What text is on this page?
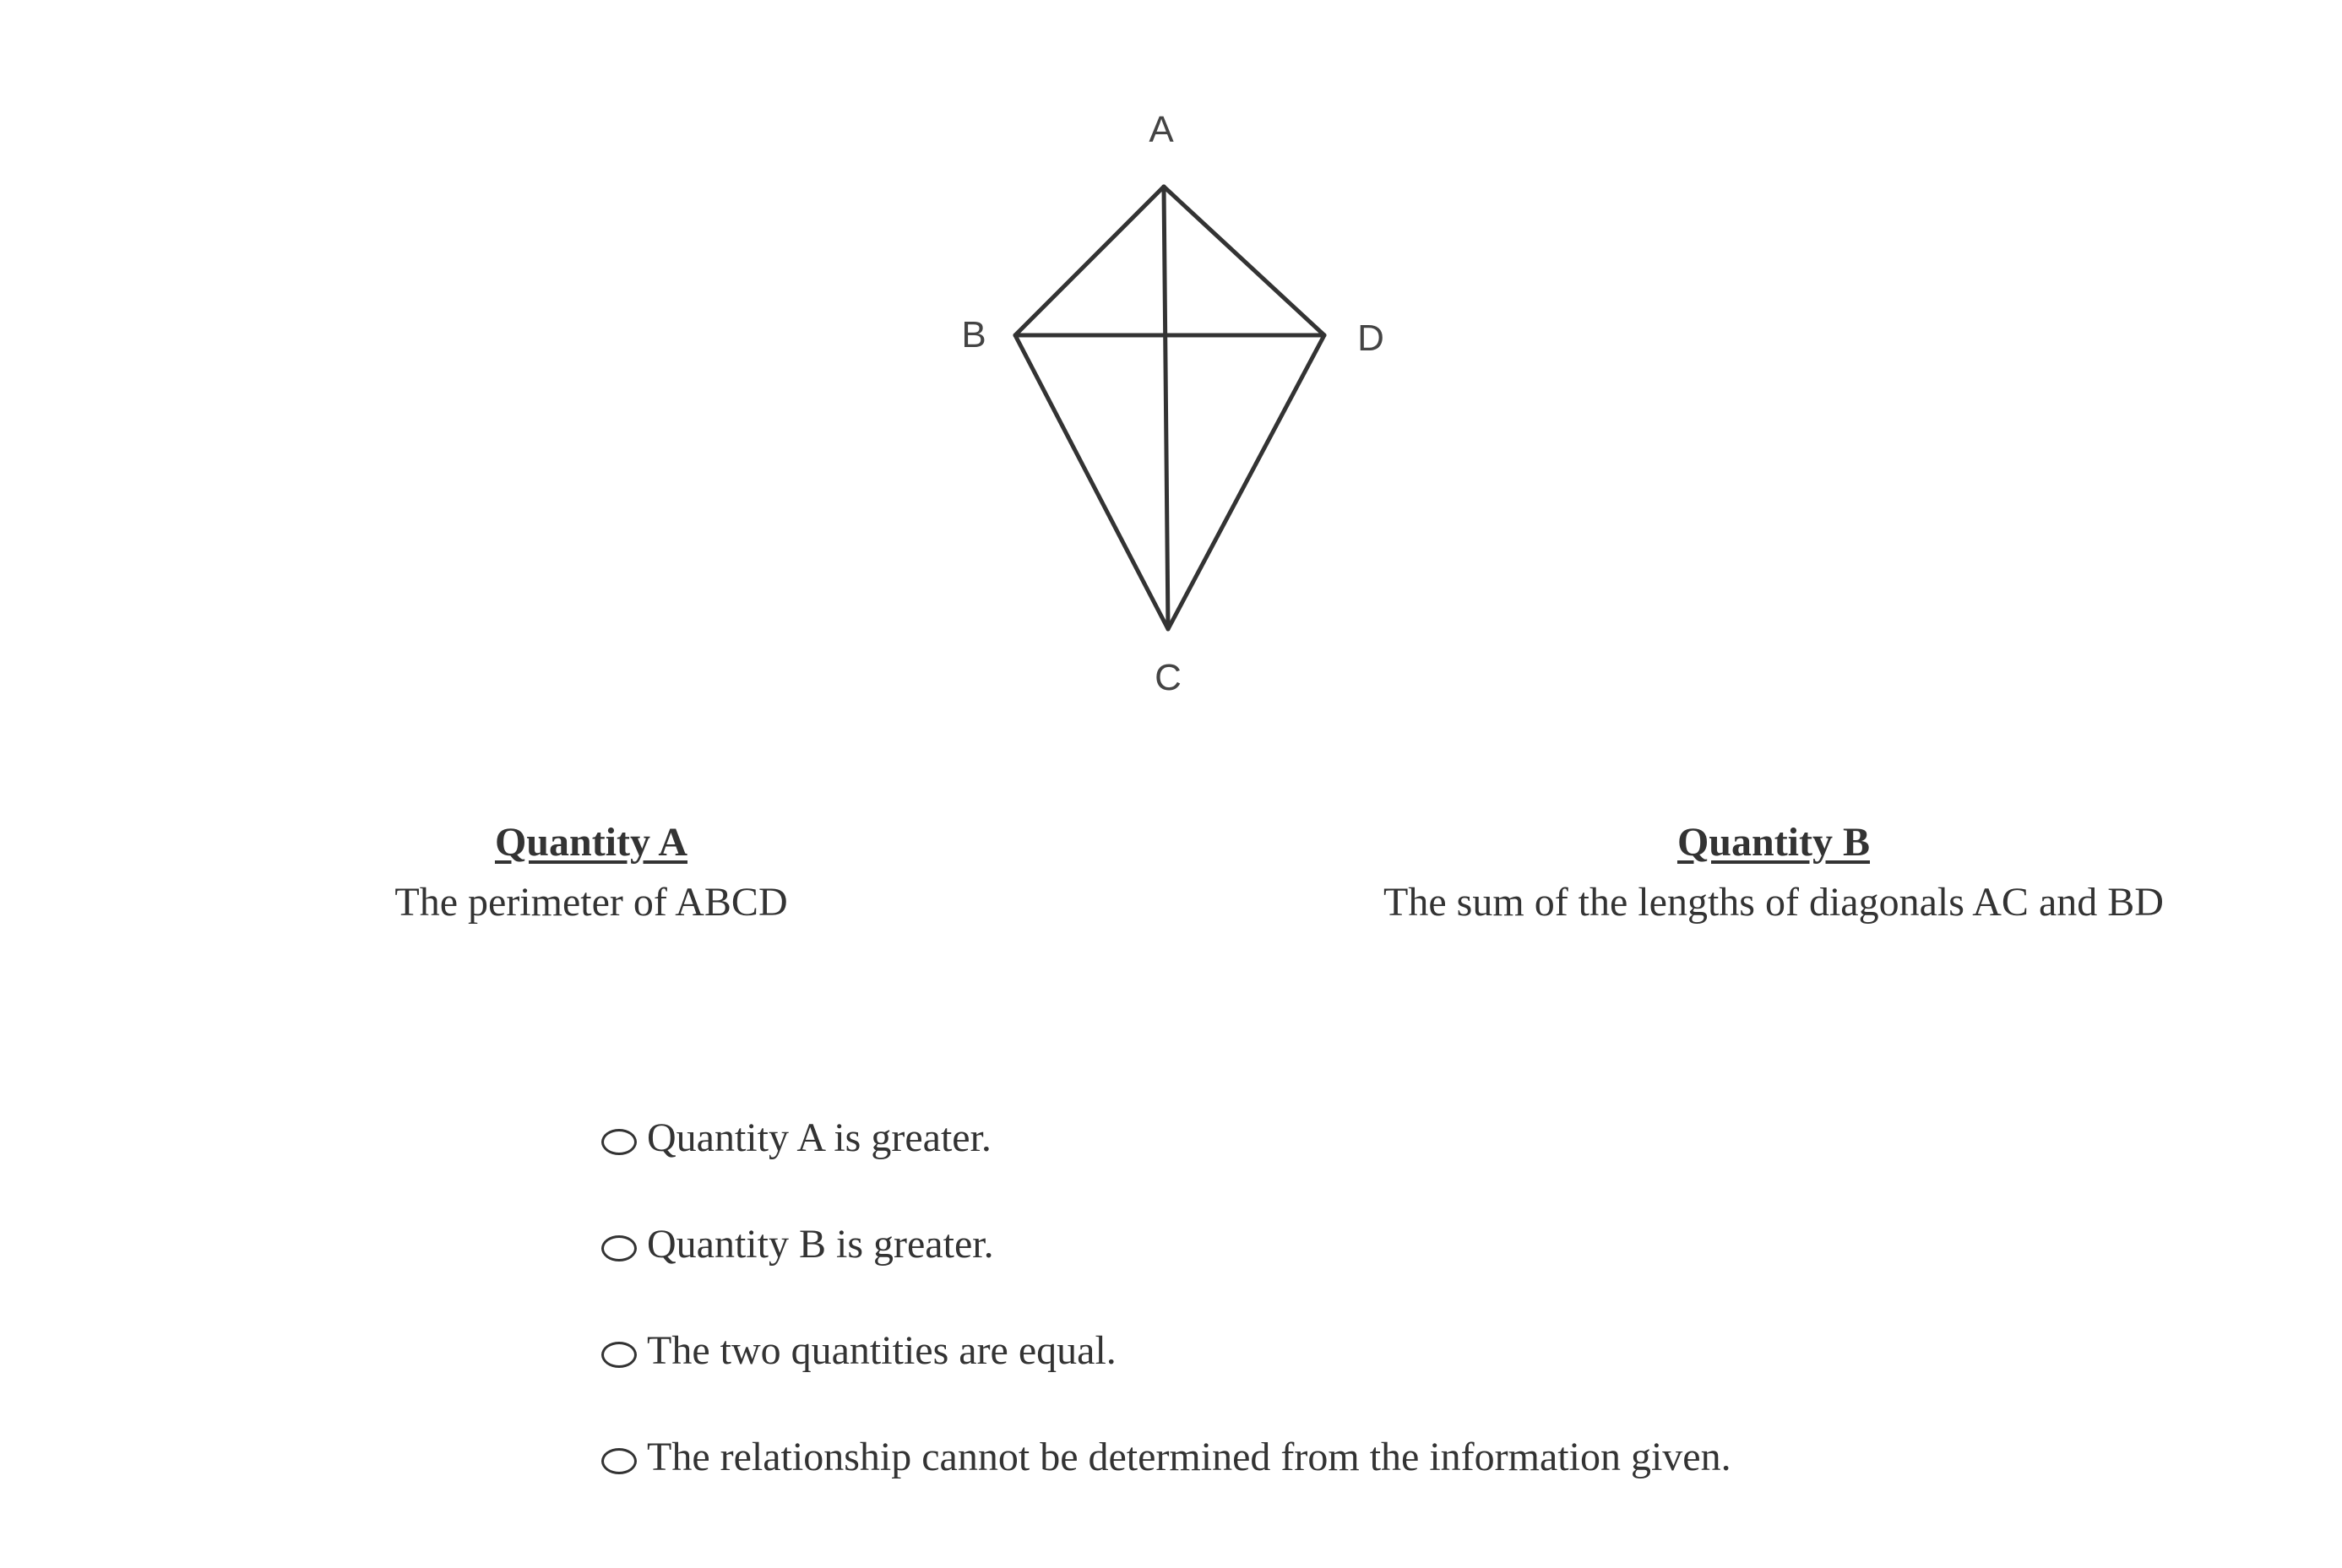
A
B
C
D
Quantity A
The perimeter of ABCD
Quantity B
The sum of the lengths of diagonals AC and BD
Quantity A is greater.
Quantity B is greater.
The two quantities are equal.
The relationship cannot be determined from the information given.
